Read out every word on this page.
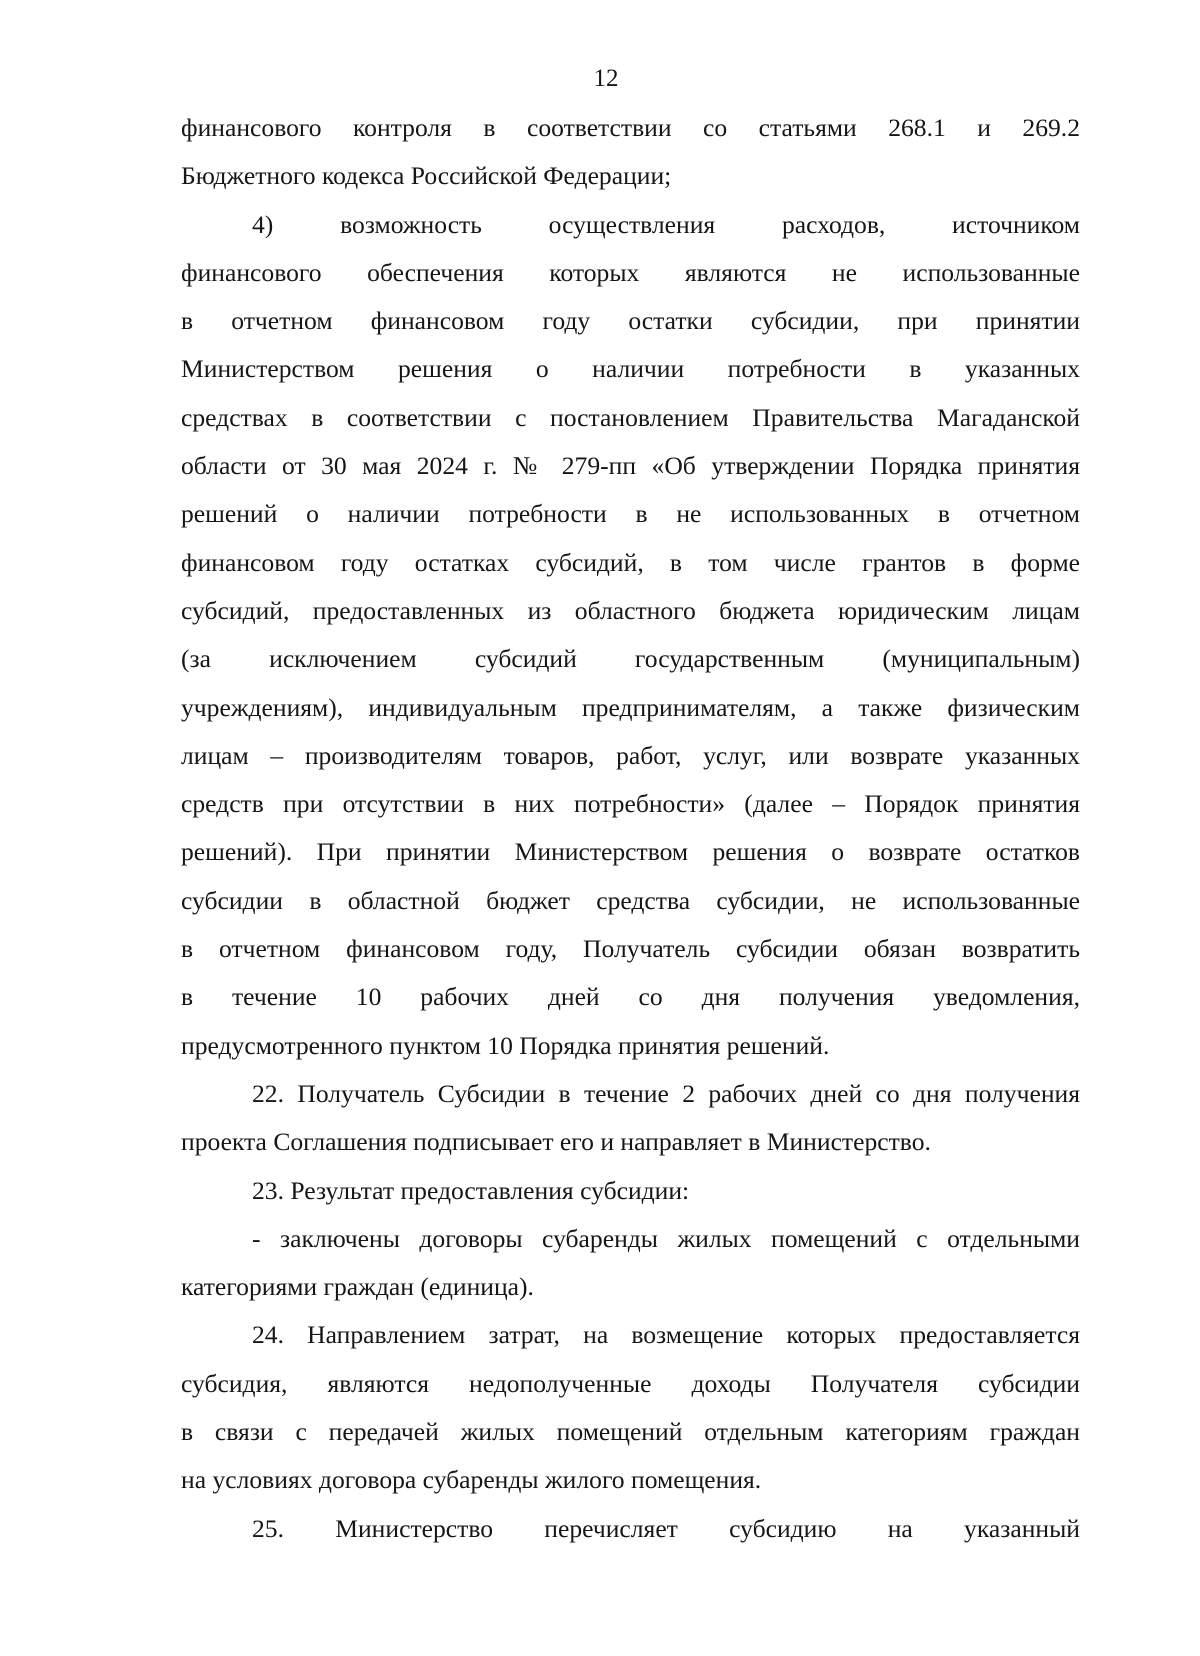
12
финансового контроля в соответствии со статьями 268.1 и 269.2
Бюджетного кодекса Российской Федерации;
4) возможность осуществления расходов, источником
финансового обеспечения которых являются не использованные
в отчетном финансовом году остатки субсидии, при принятии
Министерством решения о наличии потребности в указанных
средствах в соответствии с постановлением Правительства Магаданской
области от 30 мая 2024 г. № 279-пп «Об утверждении Порядка принятия
решений о наличии потребности в не использованных в отчетном
финансовом году остатках субсидий, в том числе грантов в форме
субсидий, предоставленных из областного бюджета юридическим лицам
(за исключением субсидий государственным (муниципальным)
учреждениям), индивидуальным предпринимателям, а также физическим
лицам – производителям товаров, работ, услуг, или возврате указанных
средств при отсутствии в них потребности» (далее – Порядок принятия
решений). При принятии Министерством решения о возврате остатков
субсидии в областной бюджет средства субсидии, не использованные
в отчетном финансовом году, Получатель субсидии обязан возвратить
в течение 10 рабочих дней со дня получения уведомления,
предусмотренного пунктом 10 Порядка принятия решений.
22. Получатель Субсидии в течение 2 рабочих дней со дня получения
проекта Соглашения подписывает его и направляет в Министерство.
23. Результат предоставления субсидии:
- заключены договоры субаренды жилых помещений с отдельными
категориями граждан (единица).
24. Направлением затрат, на возмещение которых предоставляется
субсидия, являются недополученные доходы Получателя субсидии
в связи с передачей жилых помещений отдельным категориям граждан
на условиях договора субаренды жилого помещения.
25. Министерство перечисляет субсидию на указанный
